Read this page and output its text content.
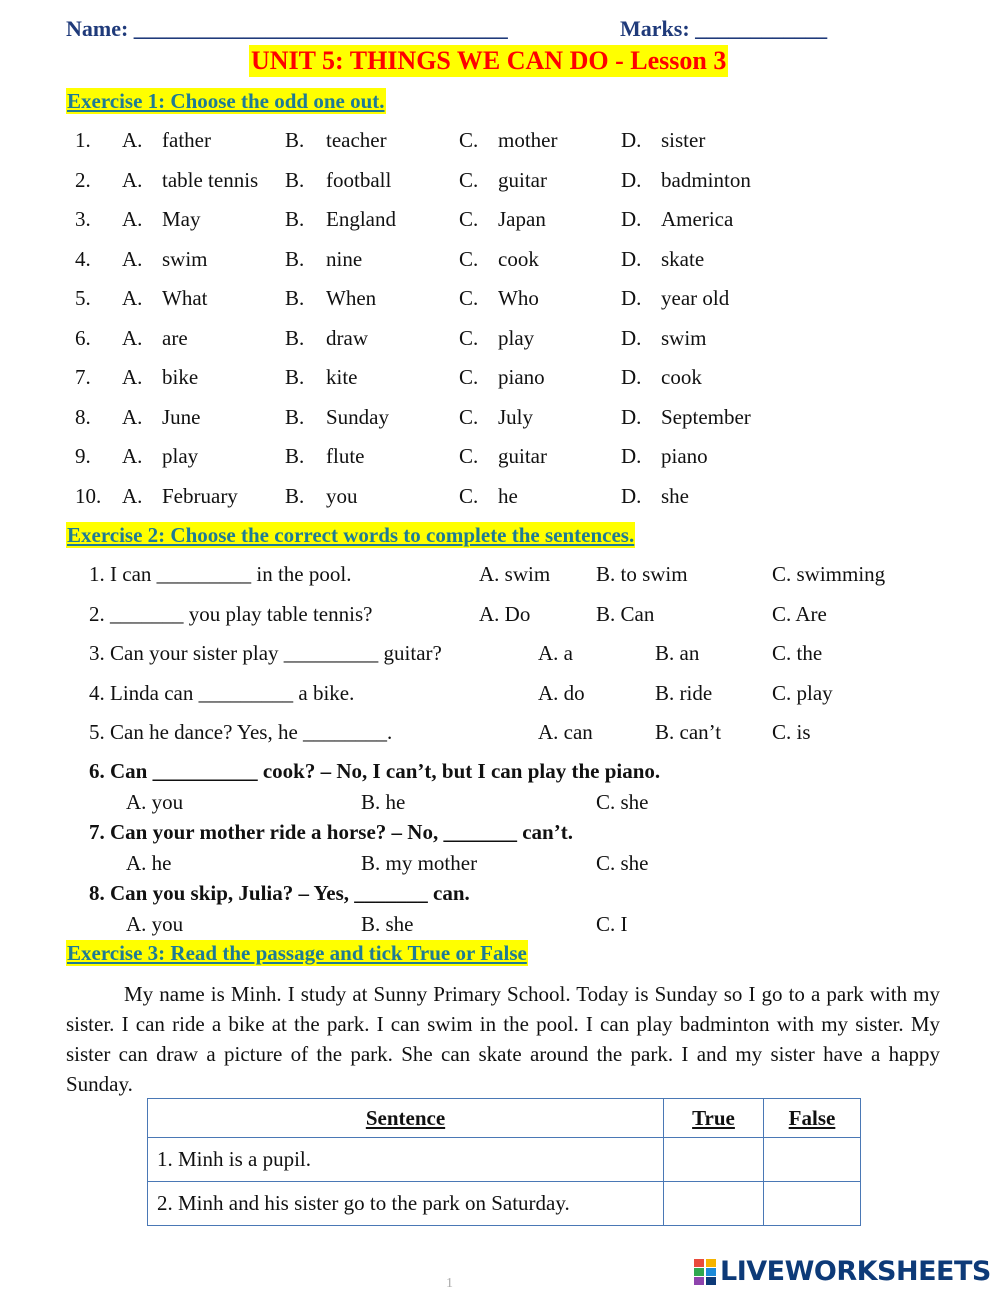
Name: __________________________________	Marks: ____________
UNIT 5: THINGS WE CAN DO - Lesson 3
Exercise 1: Choose the odd one out.
1. A. father	B. teacher	C. mother	D. sister
2. A. table tennis B. football	C. guitar	D. badminton
3. A. May	B. England	C. Japan	D. America
4. A. swim	B. nine	C. cook	D. skate
5. A. What	B. When	C. Who	D. year old
6. A. are	B. draw	C. play	D. swim
7. A. bike	B. kite	C. piano	D. cook
8. A. June	B. Sunday	C. July	D. September
9. A. play	B. flute	C. guitar	D. piano
10. A. February B. you	C. he	D. she
Exercise 2: Choose the correct words to complete the sentences.
1. I can _________ in the pool.	A. swim B. to swim	C. swimming
2. _______ you play table tennis?	A. Do	B. Can	C. Are
3. Can your sister play _________ guitar?	A. a	B. an	C. the
4. Linda can _________ a bike.	A. do	B. ride	C. play
5. Can he dance? Yes, he ________.	A. can	B. can’t C. is
6. Can __________ cook? – No, I can’t, but I can play the piano.
A. you	B. he	C. she
7. Can your mother ride a horse? – No, _______ can’t.
A. he	B. my mother	C. she
8. Can you skip, Julia? – Yes, _______ can.
A. you	B. she	C. I
Exercise 3: Read the passage and tick True or False
My name is Minh. I study at Sunny Primary School. Today is Sunday so I go to a park with my sister. I can ride a bike at the park. I can swim in the pool. I can play badminton with my sister. My sister can draw a picture of the park. She can skate around the park. I and my sister have a happy Sunday.
Sentence	True	False
1. Minh is a pupil.		
2. Minh and his sister go to the park on Saturday.		
1	LIVEWORKSHEETS
